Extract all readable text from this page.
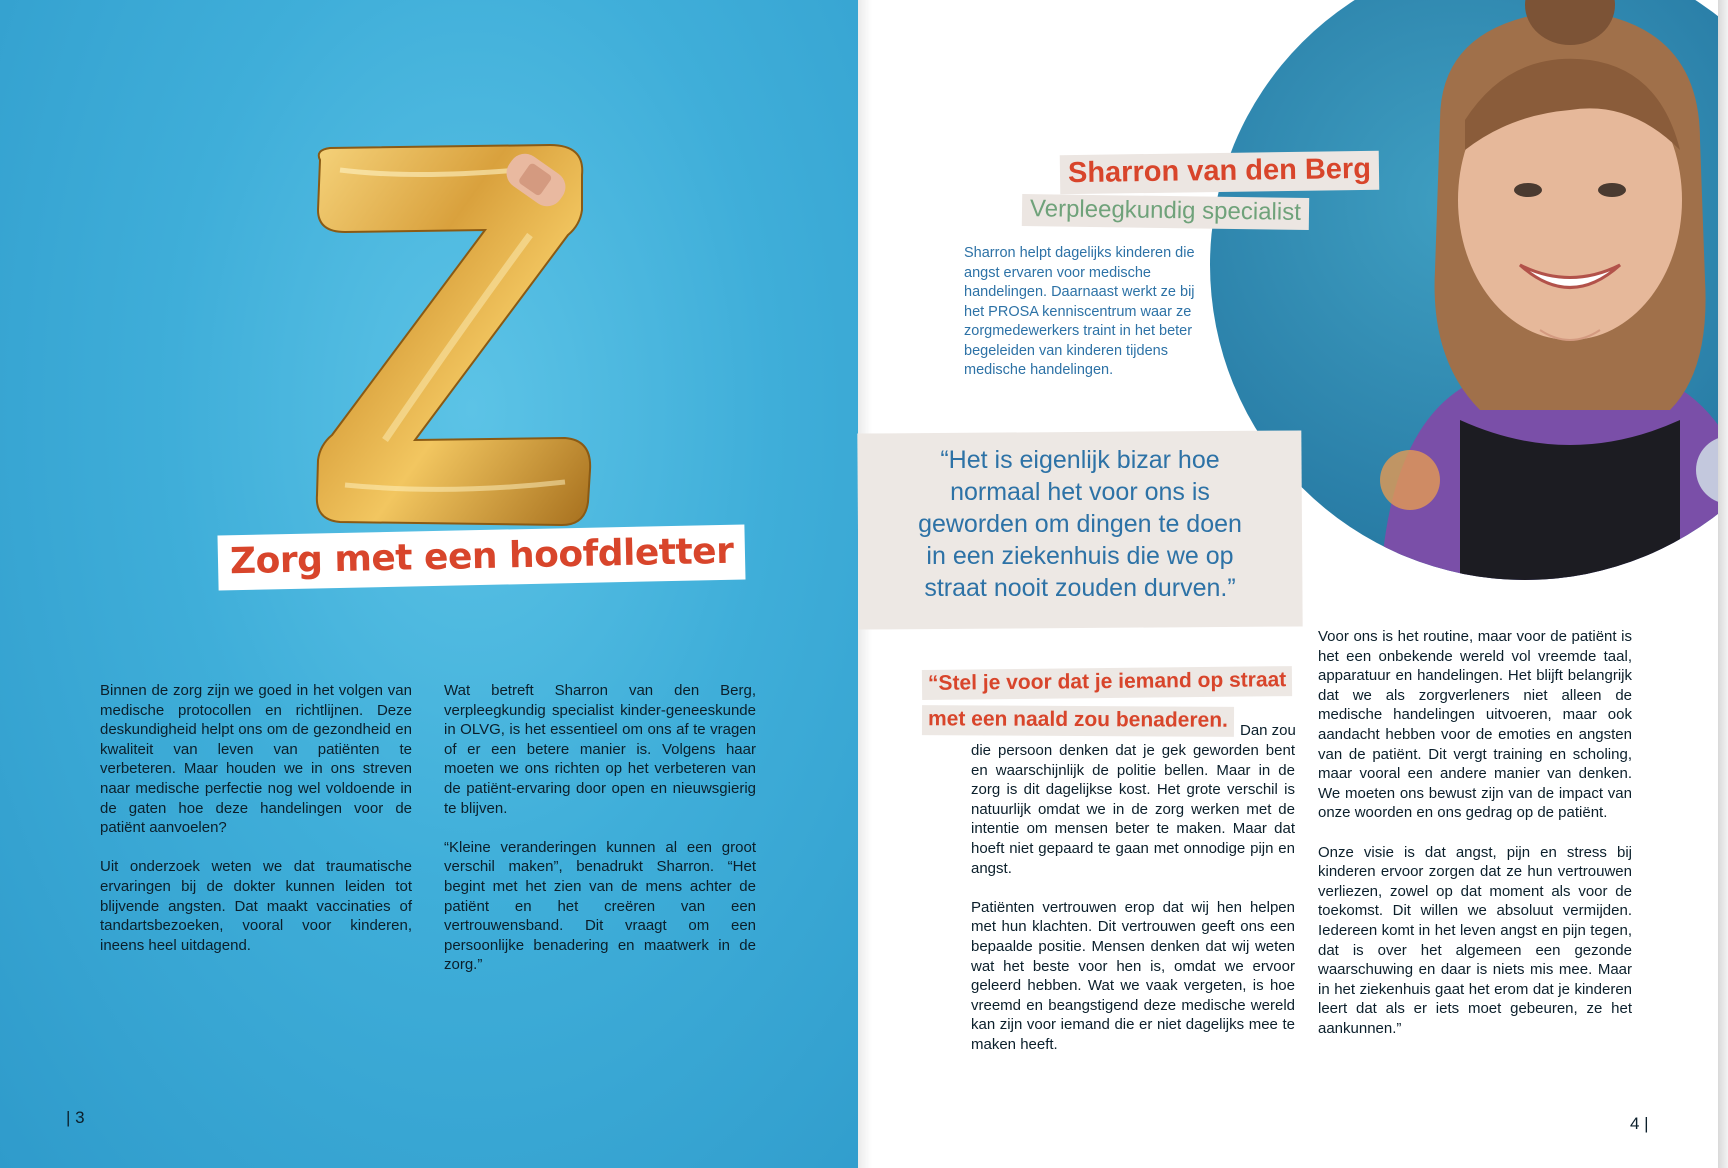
Zorg met een hoofdletter

Binnen de zorg zijn we goed in het volgen van medische protocollen en richtlijnen. Deze deskundigheid helpt ons om de gezondheid en kwaliteit van leven van patiënten te verbeteren. Maar houden we in ons streven naar medische perfectie nog wel voldoende in de gaten hoe deze handelingen voor de patiënt aanvoelen?

Uit onderzoek weten we dat traumatische ervaringen bij de dokter kunnen leiden tot blijvende angsten. Dat maakt vaccinaties of tandartsbezoeken, vooral voor kinderen, ineens heel uitdagend.

Wat betreft Sharron van den Berg, verpleegkundig specialist kinder-geneeskunde in OLVG, is het essentieel om ons af te vragen of er een betere manier is. Volgens haar moeten we ons richten op het verbeteren van de patiënt-ervaring door open en nieuwsgierig te blijven.

“Kleine veranderingen kunnen al een groot verschil maken”, benadrukt Sharron. “Het begint met het zien van de mens achter de patiënt en het creëren van een vertrouwensband. Dit vraagt om een persoonlijke benadering en maatwerk in de zorg.”

| 3
Sharron van den Berg
Verpleegkundig specialist
Sharron helpt dagelijks kinderen die angst ervaren voor medische handelingen. Daarnaast werkt ze bij het PROSA kenniscentrum waar ze zorgmedewerkers traint in het beter begeleiden van kinderen tijdens medische handelingen.
“Het is eigenlijk bizar hoe
normaal het voor ons is
geworden om dingen te doen
in een ziekenhuis die we op
straat nooit zouden durven.”
“Stel je voor dat je iemand op straat
met een naald zou benaderen. Dan zou

die persoon denken dat je gek geworden bent en waarschijnlijk de politie bellen. Maar in de zorg is dit dagelijkse kost. Het grote verschil is natuurlijk omdat we in de zorg werken met de intentie om mensen beter te maken. Maar dat hoeft niet gepaard te gaan met onnodige pijn en angst.

Patiënten vertrouwen erop dat wij hen helpen met hun klachten. Dit vertrouwen geeft ons een bepaalde positie. Mensen denken dat wij weten wat het beste voor hen is, omdat we ervoor geleerd hebben. Wat we vaak vergeten, is hoe vreemd en beangstigend deze medische wereld kan zijn voor iemand die er niet dagelijks mee te maken heeft.

Voor ons is het routine, maar voor de patiënt is het een onbekende wereld vol vreemde taal, apparatuur en handelingen. Het blijft belangrijk dat we als zorgverleners niet alleen de medische handelingen uitvoeren, maar ook aandacht hebben voor de emoties en angsten van de patiënt. Dit vergt training en scholing, maar vooral een andere manier van denken. We moeten ons bewust zijn van de impact van onze woorden en ons gedrag op de patiënt.

Onze visie is dat angst, pijn en stress bij kinderen ervoor zorgen dat ze hun vertrouwen verliezen, zowel op dat moment als voor de toekomst. Dit willen we absoluut vermijden. Iedereen komt in het leven angst en pijn tegen, dat is over het algemeen een gezonde waarschuwing en daar is niets mis mee. Maar in het ziekenhuis gaat het erom dat je kinderen leert dat als er iets moet gebeuren, ze het aankunnen.”

4 |
